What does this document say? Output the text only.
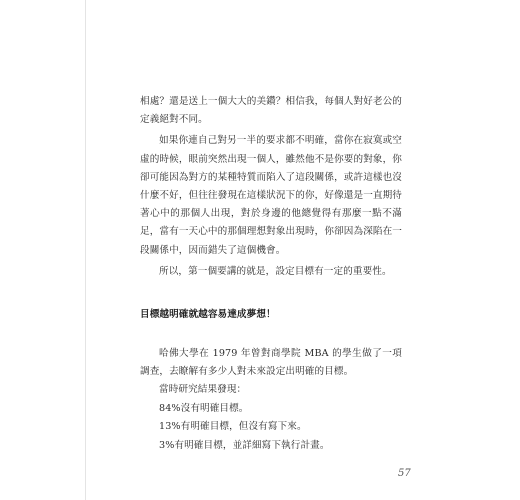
相處？還是送上一個大大的美鑽？相信我，每個人對好老公的定義絕對不同。

如果你連自己對另一半的要求都不明確，當你在寂寞或空虛的時候，眼前突然出現一個人，雖然他不是你要的對象，你卻可能因為對方的某種特質而陷入了這段關係，或許這樣也沒什麼不好，但往往發現在這樣狀況下的你，好像還是一直期待著心中的那個人出現，對於身邊的他總覺得有那麼一點不滿足，當有一天心中的那個理想對象出現時，你卻因為深陷在一段關係中，因而錯失了這個機會。

所以，第一個要講的就是，設定目標有一定的重要性。

目標越明確就越容易達成夢想！

哈佛大學在 1979 年曾對商學院 MBA 的學生做了一項調查，去瞭解有多少人對未來設定出明確的目標。

當時研究結果發現：

84%沒有明確目標。

13%有明確目標，但沒有寫下來。

3%有明確目標，並詳細寫下執行計畫。

57
